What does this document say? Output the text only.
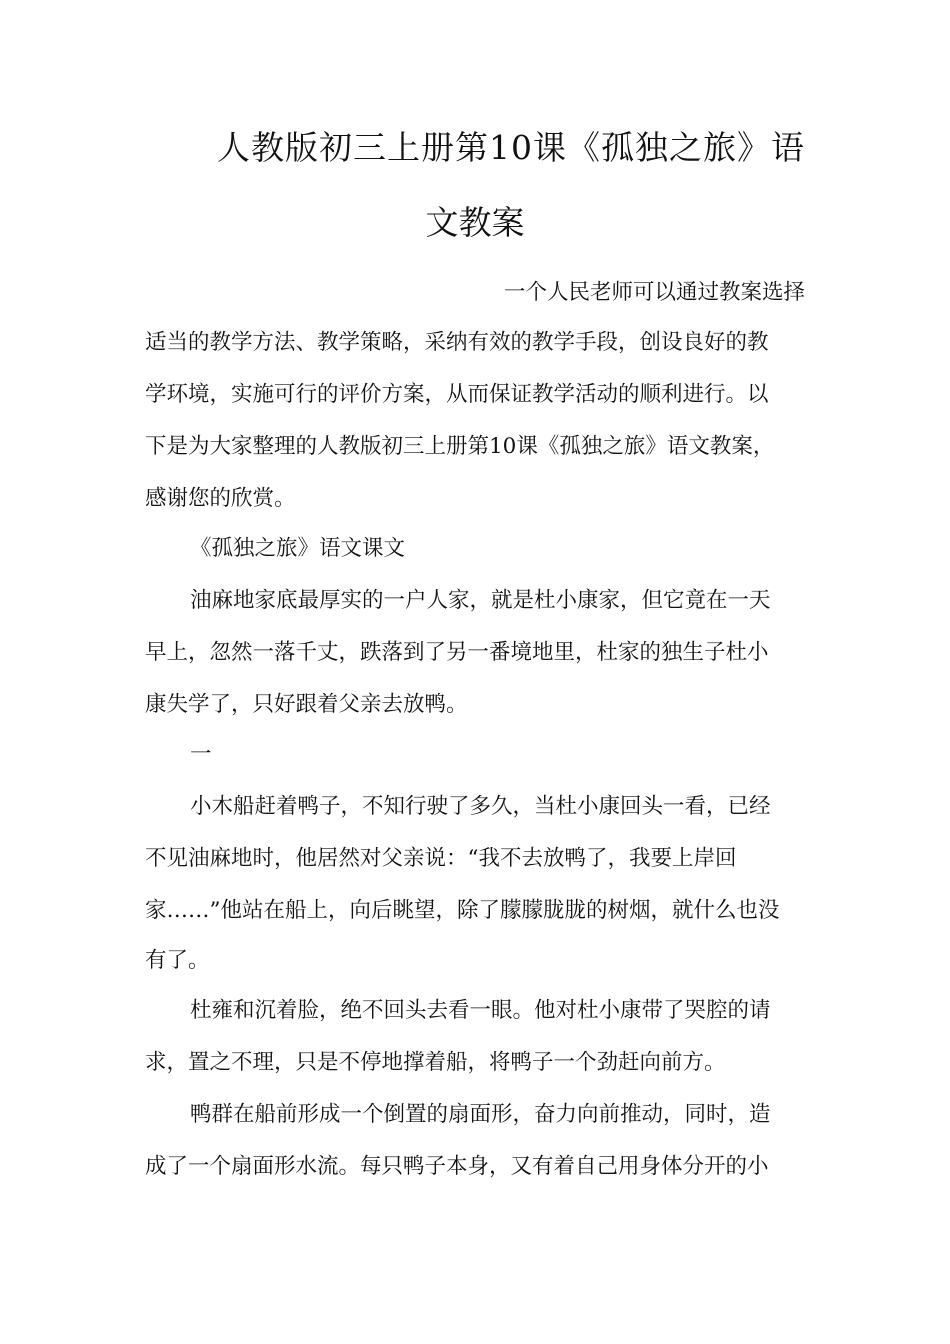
人教版初三上册第10课《孤独之旅》语
文教案

一个人民老师可以通过教案选择

适当的教学方法、教学策略，采纳有效的教学手段，创设良好的教

学环境，实施可行的评价方案，从而保证教学活动的顺利进行。以

下是为大家整理的人教版初三上册第10课《孤独之旅》语文教案，

感谢您的欣赏。

《孤独之旅》语文课文

油麻地家底最厚实的一户人家，就是杜小康家，但它竟在一天

早上，忽然一落千丈，跌落到了另一番境地里，杜家的独生子杜小

康失学了，只好跟着父亲去放鸭。

一

小木船赶着鸭子，不知行驶了多久，当杜小康回头一看，已经

不见油麻地时，他居然对父亲说：“我不去放鸭了，我要上岸回

家……”他站在船上，向后眺望，除了朦朦胧胧的树烟，就什么也没

有了。

杜雍和沉着脸，绝不回头去看一眼。他对杜小康带了哭腔的请

求，置之不理，只是不停地撑着船，将鸭子一个劲赶向前方。

鸭群在船前形成一个倒置的扇面形，奋力向前推动，同时，造

成了一个扇面形水流。每只鸭子本身，又有着自己用身体分开的小
